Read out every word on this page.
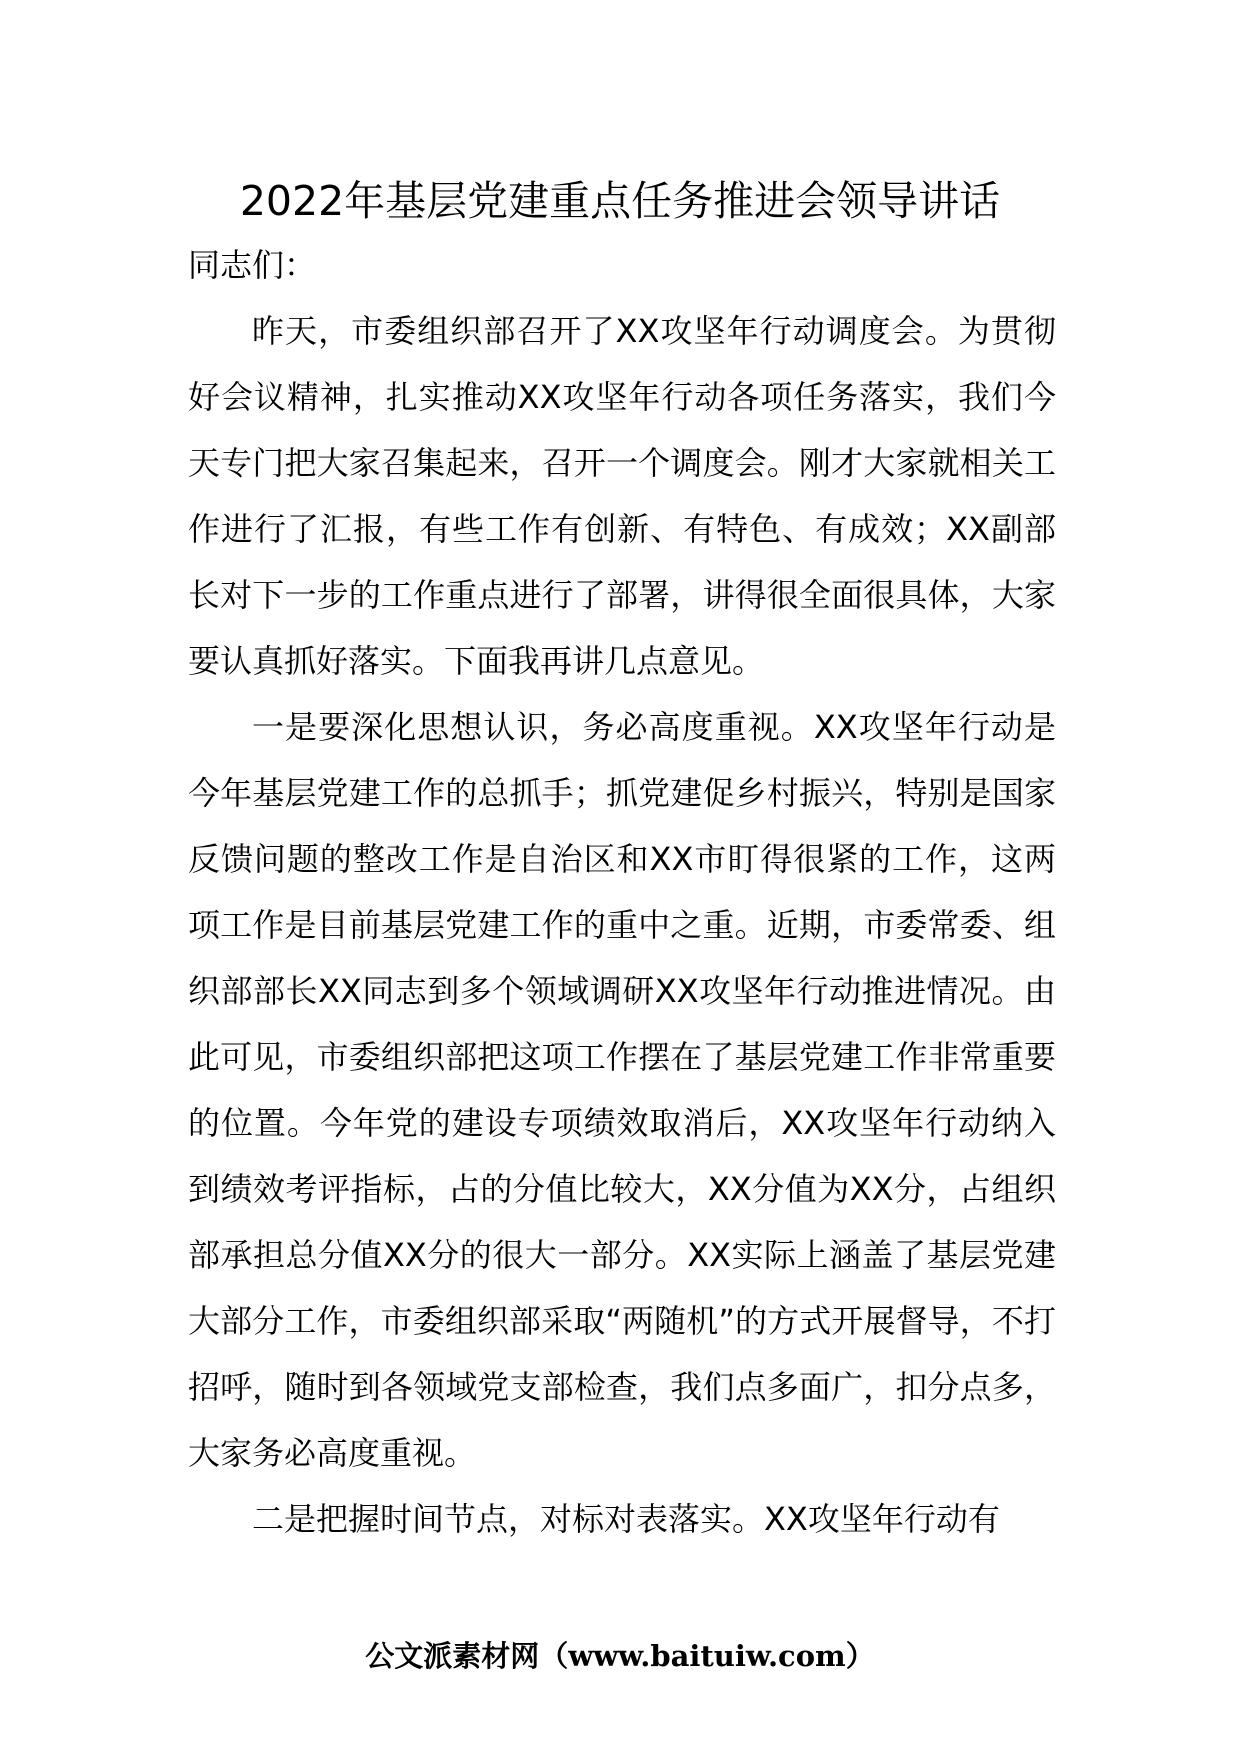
2022年基层党建重点任务推进会领导讲话

同志们：

昨天，市委组织部召开了XX攻坚年行动调度会。为贯彻好会议精神，扎实推动XX攻坚年行动各项任务落实，我们今天专门把大家召集起来，召开一个调度会。刚才大家就相关工作进行了汇报，有些工作有创新、有特色、有成效；XX副部长对下一步的工作重点进行了部署，讲得很全面很具体，大家要认真抓好落实。下面我再讲几点意见。

一是要深化思想认识，务必高度重视。XX攻坚年行动是今年基层党建工作的总抓手；抓党建促乡村振兴，特别是国家反馈问题的整改工作是自治区和XX市盯得很紧的工作，这两项工作是目前基层党建工作的重中之重。近期，市委常委、组织部部长XX同志到多个领域调研XX攻坚年行动推进情况。由此可见，市委组织部把这项工作摆在了基层党建工作非常重要的位置。今年党的建设专项绩效取消后，XX攻坚年行动纳入到绩效考评指标，占的分值比较大，XX分值为XX分，占组织部承担总分值XX分的很大一部分。XX实际上涵盖了基层党建大部分工作，市委组织部采取“两随机”的方式开展督导，不打招呼，随时到各领域党支部检查，我们点多面广，扣分点多，大家务必高度重视。

二是把握时间节点，对标对表落实。XX攻坚年行动有

公文派素材网（www.baituiw.com）
